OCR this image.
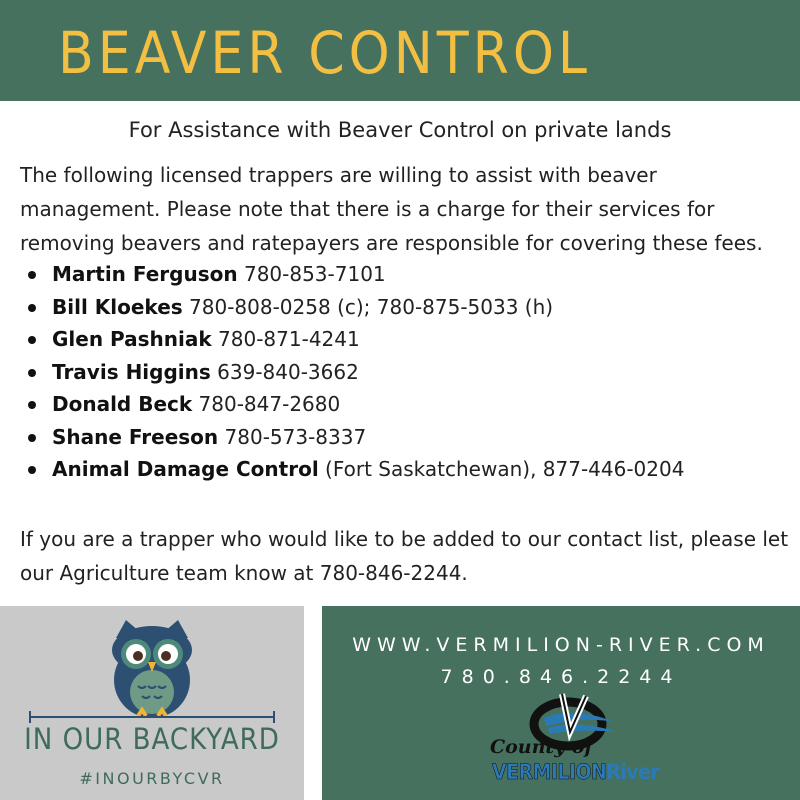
BEAVER CONTROL
For Assistance with Beaver Control on private lands
The following licensed trappers are willing to assist with beaver management. Please note that there is a charge for their services for removing beavers and ratepayers are responsible for covering these fees.
Martin Ferguson 780-853-7101
Bill Kloekes 780-808-0258 (c); 780-875-5033 (h)
Glen Pashniak 780-871-4241
Travis Higgins 639-840-3662
Donald Beck 780-847-2680
Shane Freeson 780-573-8337
Animal Damage Control (Fort Saskatchewan), 877-446-0204
If you are a trapper who would like to be added to our contact list, please let our Agriculture team know at 780-846-2244.
IN OUR BACKYARD
#INOURBYCVR
WWW.VERMILION-RIVER.COM
780.846.2244
County of
VERMILIONRiver
